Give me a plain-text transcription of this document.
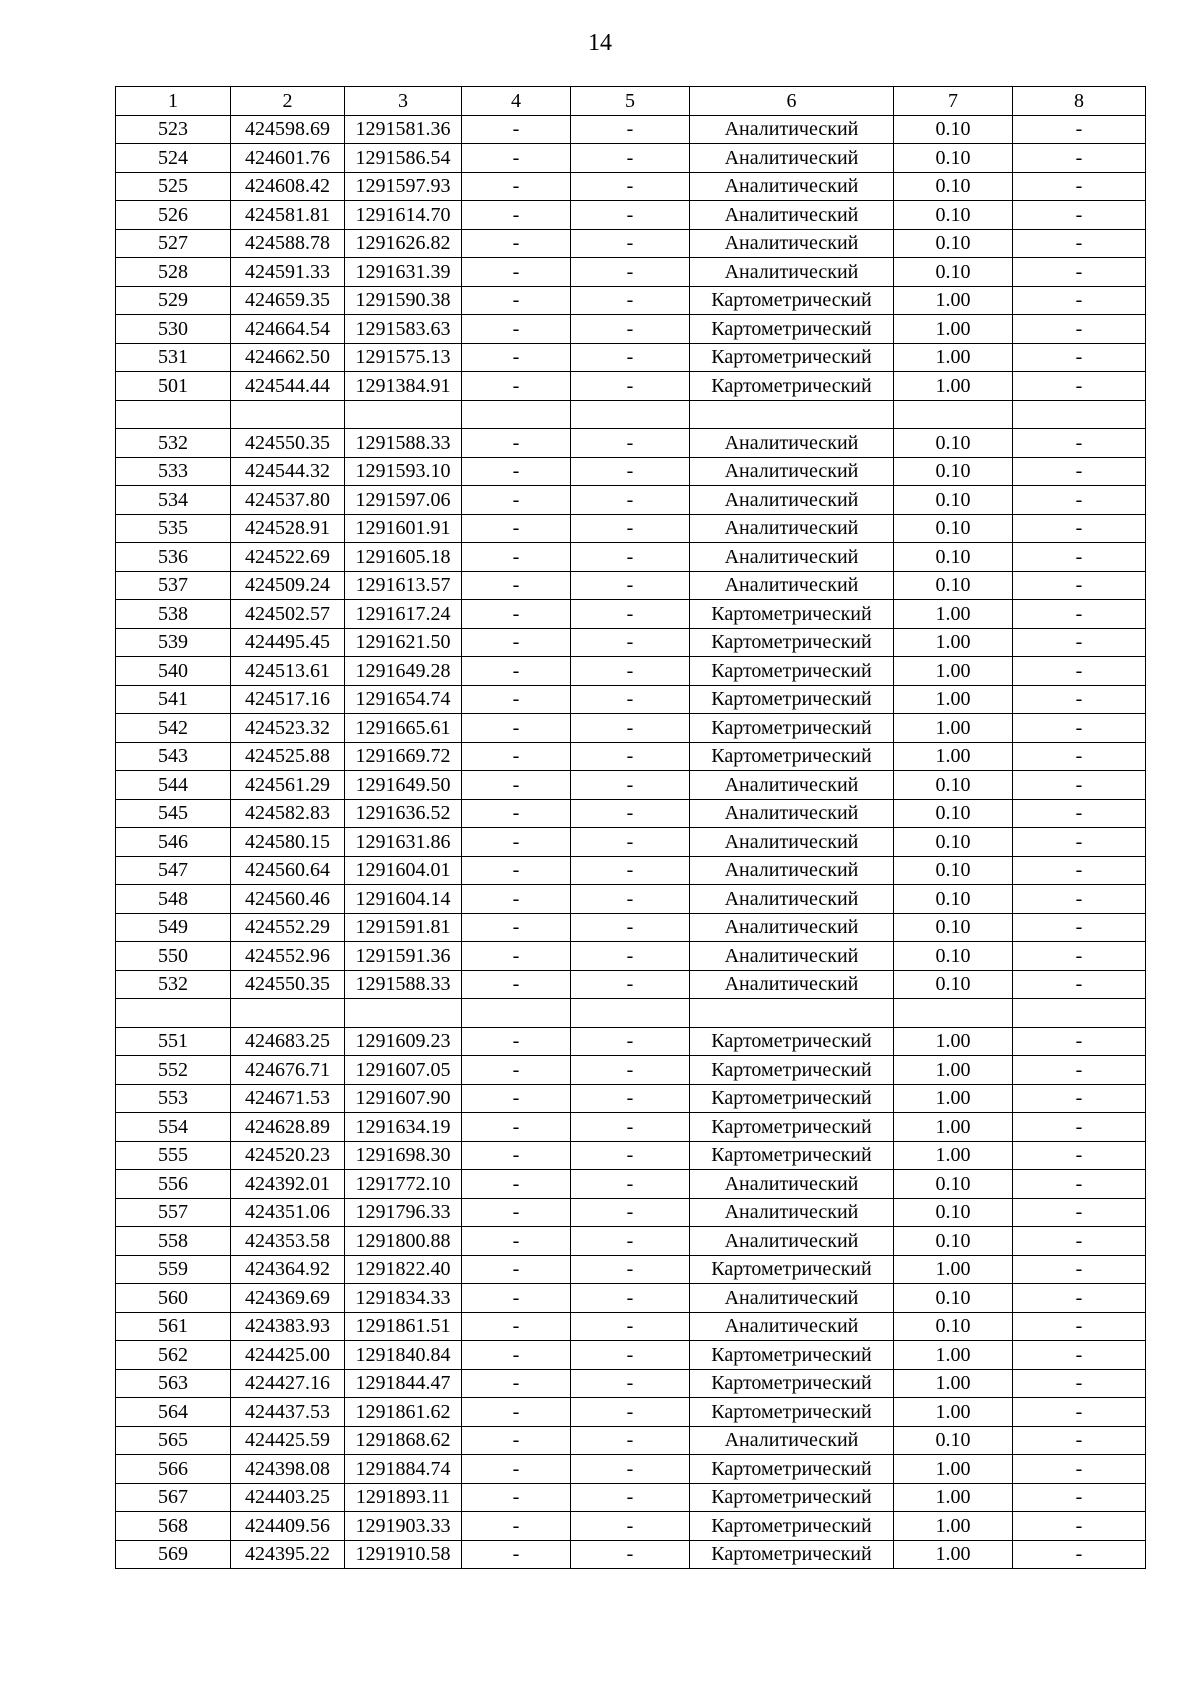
14
1	2	3	4	5	6	7	8
523	424598.69	1291581.36	-	-	Аналитический	0.10	-
524	424601.76	1291586.54	-	-	Аналитический	0.10	-
525	424608.42	1291597.93	-	-	Аналитический	0.10	-
526	424581.81	1291614.70	-	-	Аналитический	0.10	-
527	424588.78	1291626.82	-	-	Аналитический	0.10	-
528	424591.33	1291631.39	-	-	Аналитический	0.10	-
529	424659.35	1291590.38	-	-	Картометрический	1.00	-
530	424664.54	1291583.63	-	-	Картометрический	1.00	-
531	424662.50	1291575.13	-	-	Картометрический	1.00	-
501	424544.44	1291384.91	-	-	Картометрический	1.00	-

532	424550.35	1291588.33	-	-	Аналитический	0.10	-
533	424544.32	1291593.10	-	-	Аналитический	0.10	-
534	424537.80	1291597.06	-	-	Аналитический	0.10	-
535	424528.91	1291601.91	-	-	Аналитический	0.10	-
536	424522.69	1291605.18	-	-	Аналитический	0.10	-
537	424509.24	1291613.57	-	-	Аналитический	0.10	-
538	424502.57	1291617.24	-	-	Картометрический	1.00	-
539	424495.45	1291621.50	-	-	Картометрический	1.00	-
540	424513.61	1291649.28	-	-	Картометрический	1.00	-
541	424517.16	1291654.74	-	-	Картометрический	1.00	-
542	424523.32	1291665.61	-	-	Картометрический	1.00	-
543	424525.88	1291669.72	-	-	Картометрический	1.00	-
544	424561.29	1291649.50	-	-	Аналитический	0.10	-
545	424582.83	1291636.52	-	-	Аналитический	0.10	-
546	424580.15	1291631.86	-	-	Аналитический	0.10	-
547	424560.64	1291604.01	-	-	Аналитический	0.10	-
548	424560.46	1291604.14	-	-	Аналитический	0.10	-
549	424552.29	1291591.81	-	-	Аналитический	0.10	-
550	424552.96	1291591.36	-	-	Аналитический	0.10	-
532	424550.35	1291588.33	-	-	Аналитический	0.10	-

551	424683.25	1291609.23	-	-	Картометрический	1.00	-
552	424676.71	1291607.05	-	-	Картометрический	1.00	-
553	424671.53	1291607.90	-	-	Картометрический	1.00	-
554	424628.89	1291634.19	-	-	Картометрический	1.00	-
555	424520.23	1291698.30	-	-	Картометрический	1.00	-
556	424392.01	1291772.10	-	-	Аналитический	0.10	-
557	424351.06	1291796.33	-	-	Аналитический	0.10	-
558	424353.58	1291800.88	-	-	Аналитический	0.10	-
559	424364.92	1291822.40	-	-	Картометрический	1.00	-
560	424369.69	1291834.33	-	-	Аналитический	0.10	-
561	424383.93	1291861.51	-	-	Аналитический	0.10	-
562	424425.00	1291840.84	-	-	Картометрический	1.00	-
563	424427.16	1291844.47	-	-	Картометрический	1.00	-
564	424437.53	1291861.62	-	-	Картометрический	1.00	-
565	424425.59	1291868.62	-	-	Аналитический	0.10	-
566	424398.08	1291884.74	-	-	Картометрический	1.00	-
567	424403.25	1291893.11	-	-	Картометрический	1.00	-
568	424409.56	1291903.33	-	-	Картометрический	1.00	-
569	424395.22	1291910.58	-	-	Картометрический	1.00	-
